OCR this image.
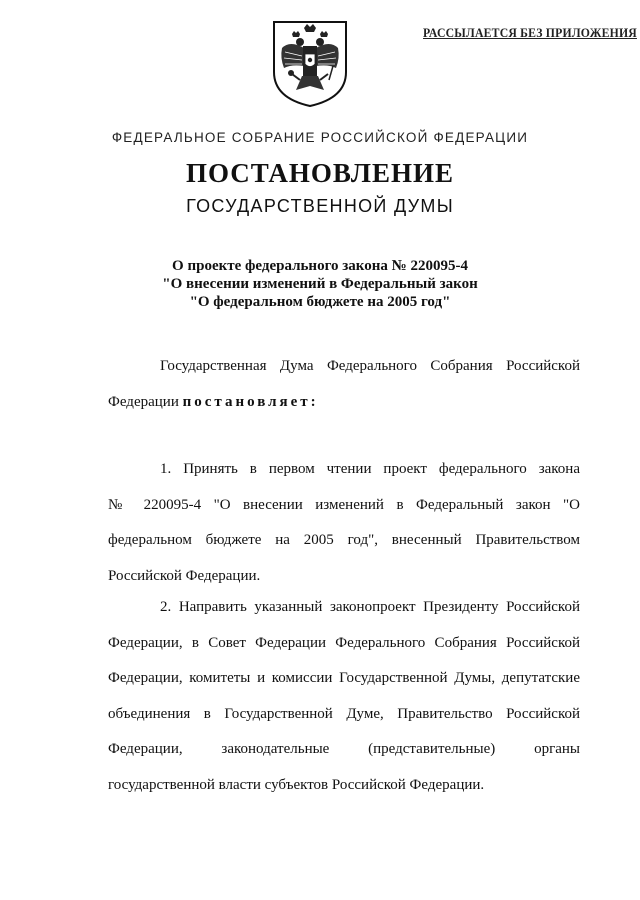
РАССЫЛАЕТСЯ БЕЗ ПРИЛОЖЕНИЯ
ФЕДЕРАЛЬНОЕ СОБРАНИЕ РОССИЙСКОЙ ФЕДЕРАЦИИ
ПОСТАНОВЛЕНИЕ
ГОСУДАРСТВЕННОЙ ДУМЫ
О проекте федерального закона № 220095-4
"О внесении изменений в Федеральный закон
"О федеральном бюджете на 2005 год"
Государственная Дума Федерального Собрания Российской
Федерации постановляет:
1. Принять в первом чтении проект федерального закона
№ 220095-4 "О внесении изменений в Федеральный закон "О
федеральном бюджете на 2005 год", внесенный Правительством
Российской Федерации.
2. Направить указанный законопроект Президенту Российской
Федерации, в Совет Федерации Федерального Собрания Российской
Федерации, комитеты и комиссии Государственной Думы, депутатские
объединения в Государственной Думе, Правительство Российской
Федерации, законодательные (представительные) органы
государственной власти субъектов Российской Федерации.
